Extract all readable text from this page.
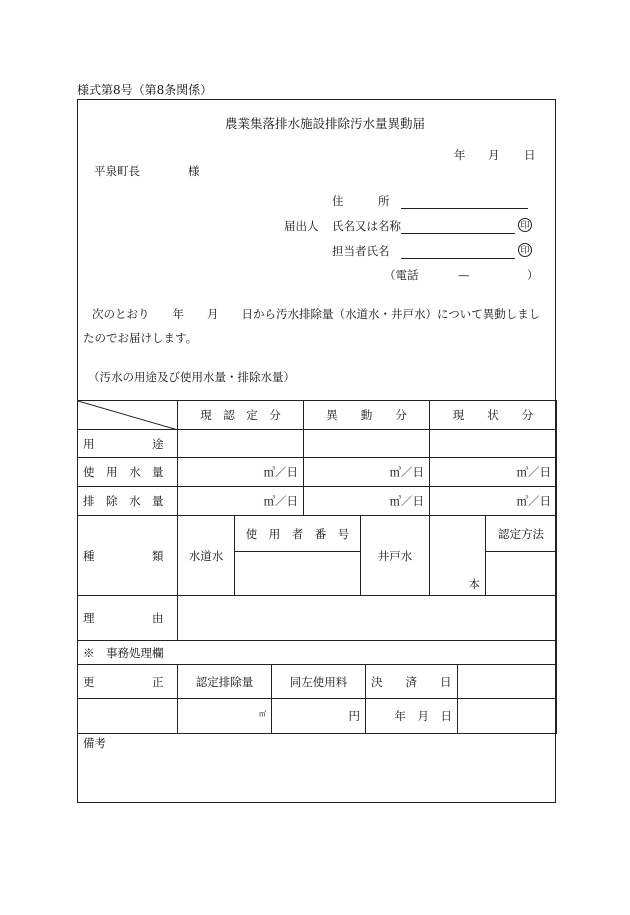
様式第8号（第8条関係）
農業集落排水施設排除汚水量異動届
年 月 日
平泉町長	様
住　　　所
届出人 氏名又は名称	印
担当者氏名	印
（電話	—	）
次のとおり　　年　　月　　日から汚水排除量（水道水・井戸水）について異動しまし
たのでお届けします。
（汚水の用途及び使用水量・排除水量）
	現　認　定　分	異　　動　　分	現　　状　　分
用　　　　　途			
使　用　水　量	㎥／日	㎥／日	㎥／日
排　除　水　量	㎥／日	㎥／日	㎥／日
種　　　　　類	水道水	使　用　者　番　号	井戸水	本	認定方法

理　　　　　由	
※　事務処理欄
更　　　　　正	認定排除量	同左使用料	決　　済　　日	
	㎥	円	年　 月　 日	
備考
